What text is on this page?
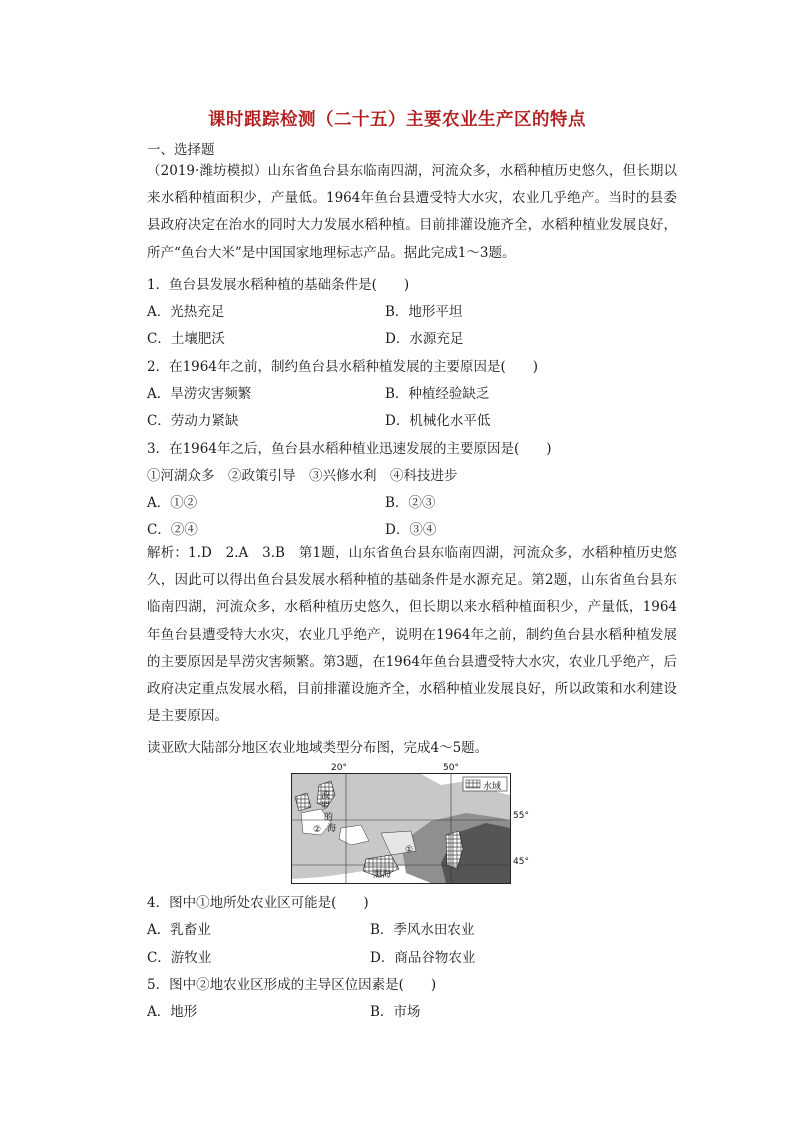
课时跟踪检测（二十五）主要农业生产区的特点
一、选择题
（2019·潍坊模拟）山东省鱼台县东临南四湖，河流众多，水稻种植历史悠久，但长期以来水稻种植面积少，产量低。1964年鱼台县遭受特大水灾，农业几乎绝产。当时的县委县政府决定在治水的同时大力发展水稻种植。目前排灌设施齐全，水稻种植业发展良好，所产“鱼台大米”是中国国家地理标志产品。据此完成1～3题。
1．鱼台县发展水稻种植的基础条件是(　　)
A．光热充足	B．地形平坦
C．土壤肥沃	D．水源充足
2．在1964年之前，制约鱼台县水稻种植发展的主要原因是(　　)
A．旱涝灾害频繁	B．种植经验缺乏
C．劳动力紧缺	D．机械化水平低
3．在1964年之后，鱼台县水稻种植业迅速发展的主要原因是(　　)
①河湖众多　②政策引导　③兴修水利　④科技进步
A．①②	B．②③
C．②④	D．③④
解析：1.D　2.A　3.B　第1题，山东省鱼台县东临南四湖，河流众多，水稻种植历史悠久，因此可以得出鱼台县发展水稻种植的基础条件是水源充足。第2题，山东省鱼台县东临南四湖，河流众多，水稻种植历史悠久，但长期以来水稻种植面积少，产量低，1964年鱼台县遭受特大水灾，农业几乎绝产，说明在1964年之前，制约鱼台县水稻种植发展的主要原因是旱涝灾害频繁。第3题，在1964年鱼台县遭受特大水灾，农业几乎绝产，后政府决定重点发展水稻，目前排灌设施齐全，水稻种植业发展良好，所以政策和水利建设是主要原因。
读亚欧大陆部分地区农业地域类型分布图，完成4～5题。
20°	50°
55°
45°
水域
波
罗
的
海
②
①
黑海
4．图中①地所处农业区可能是(　　)
A．乳畜业	B．季风水田农业
C．游牧业	D．商品谷物农业
5．图中②地农业区形成的主导区位因素是(　　)
A．地形	B．市场
